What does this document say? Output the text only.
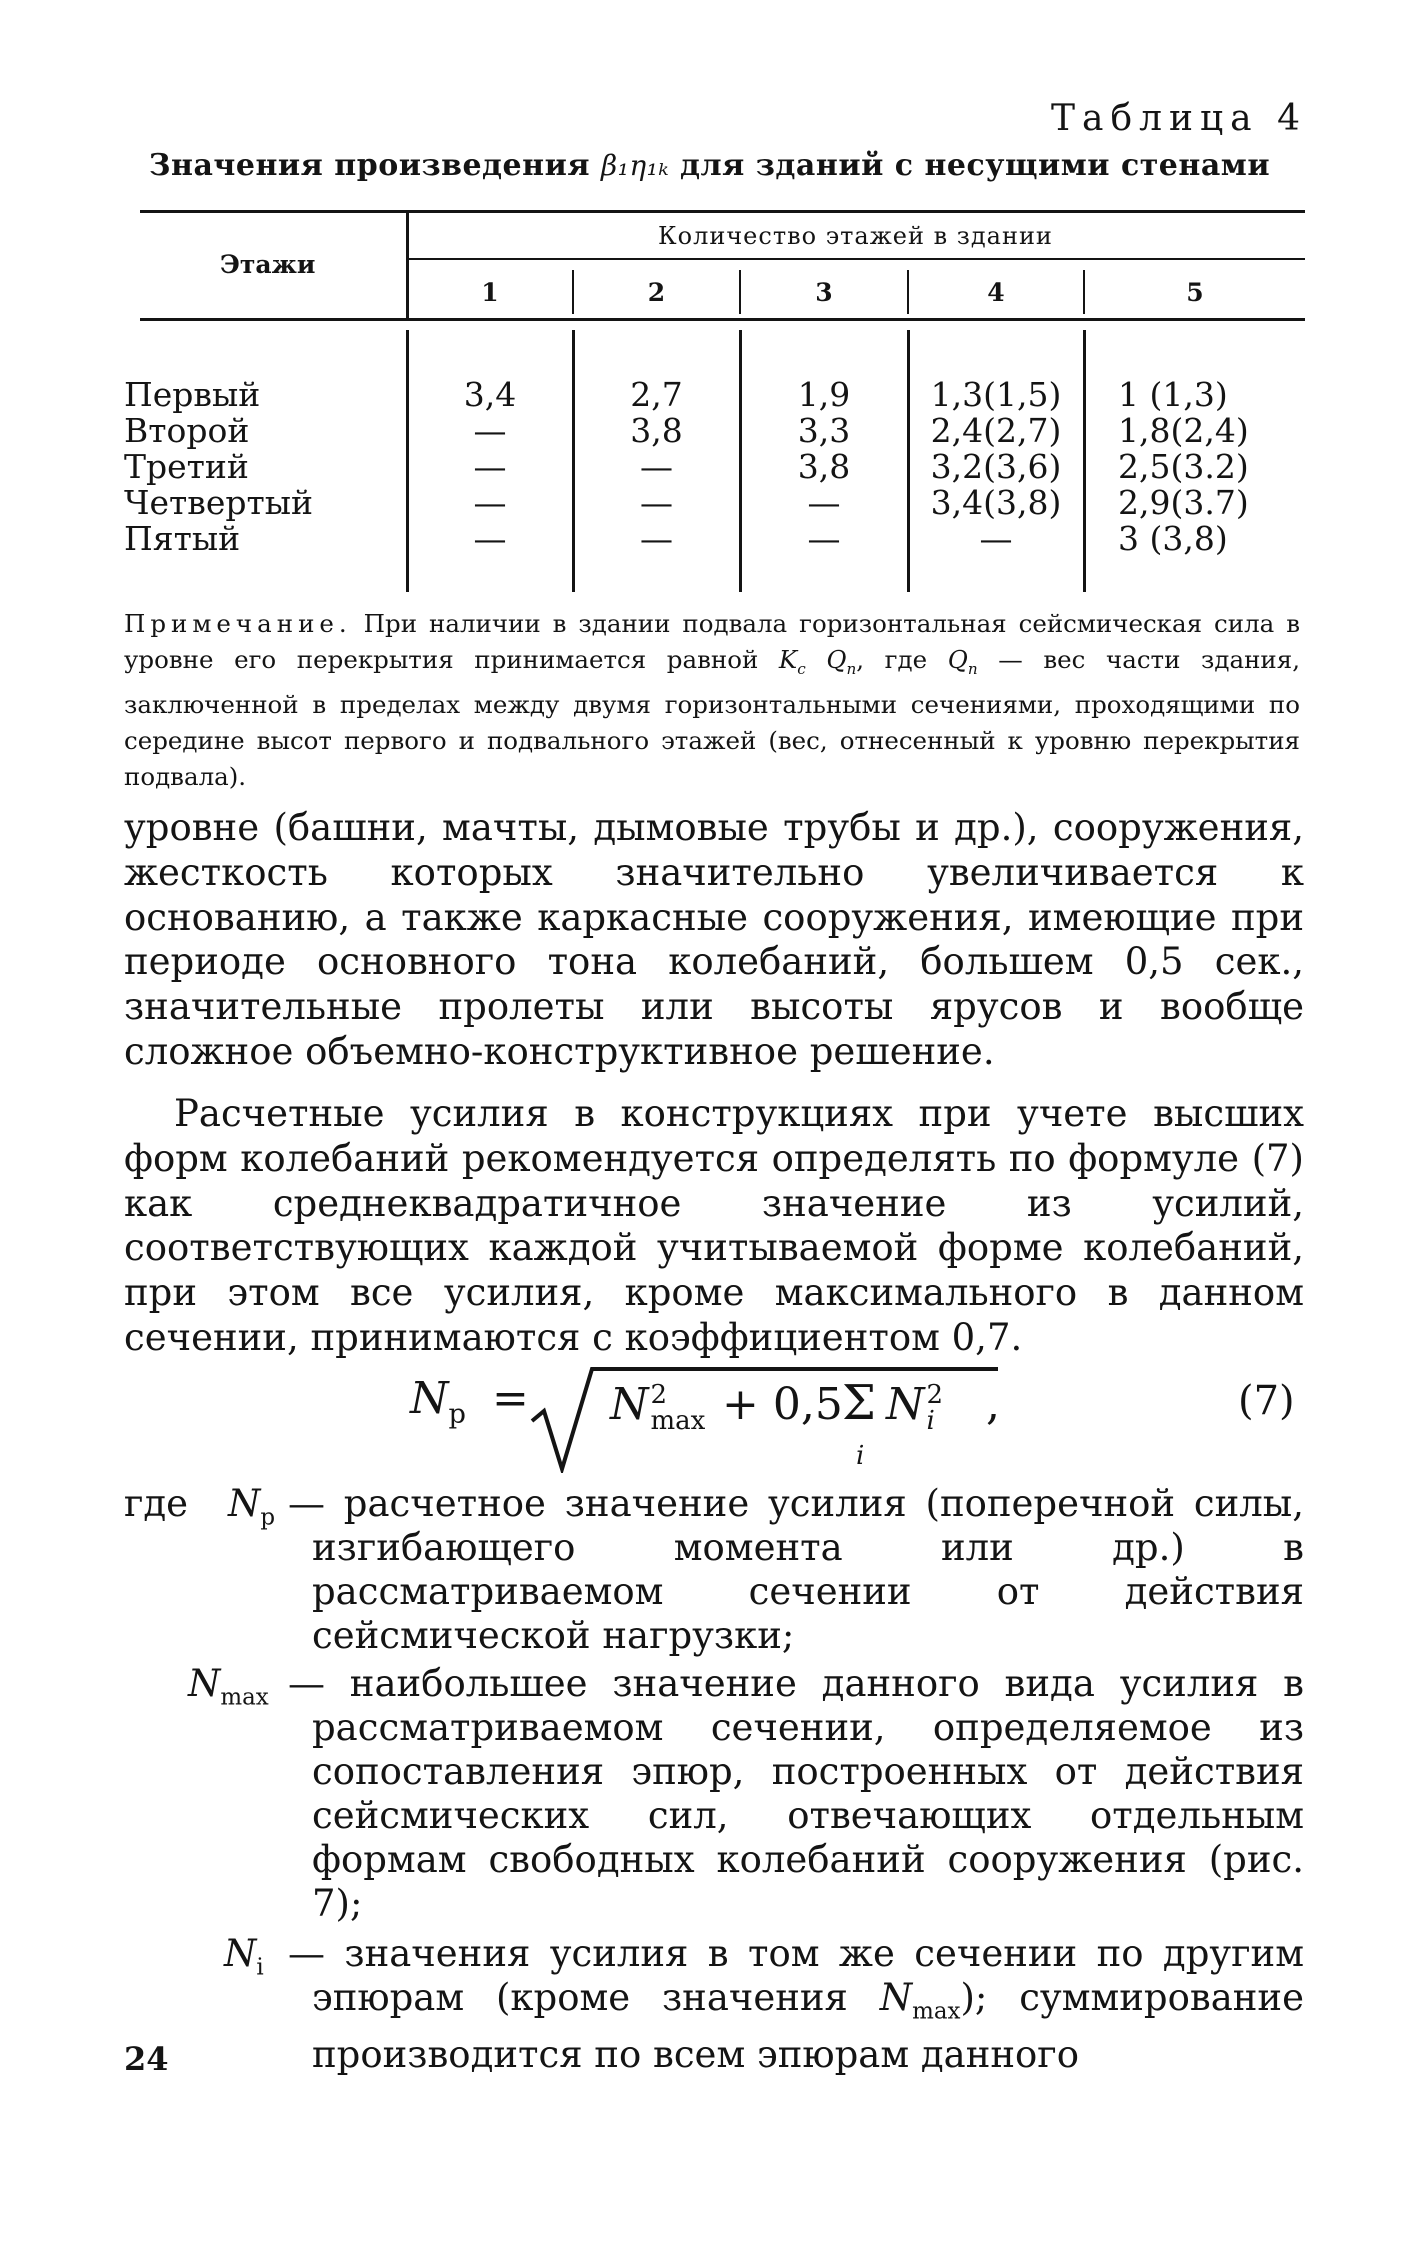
Таблица 4
Значения произведения β₁η₁ₖ для зданий с несущими стенами
Этажи
Количество этажей в здании
1	2	3	4	5
Первый	3,4	2,7	1,9	1,3(1,5)	1 (1,3)
Второй	—	3,8	3,3	2,4(2,7)	1,8(2,4)
Третий	—	—	3,8	3,2(3,6)	2,5(3.2)
Четвертый	—	—	—	3,4(3,8)	2,9(3.7)
Пятый	—	—	—	—	3 (3,8)
Примечание. При наличии в здании подвала горизонтальная сейсмическая сила в уровне его перекрытия принимается равной $K_c$ $Q_п$, где $Q_п$ — вес части здания, заключенной в пределах между двумя горизонтальными сечениями, проходящими по середине высот первого и подвального этажей (вес, отнесенный к уровню перекрытия подвала).

уровне (башни, мачты, дымовые трубы и др.), сооружения, жесткость которых значительно увеличивается к основанию, а также каркасные сооружения, имеющие при периоде основного тона колебаний, большем 0,5 сек., значительные пролеты или высоты ярусов и вообще сложное объемно-конструктивное решение.

Расчетные усилия в конструкциях при учете высших форм колебаний рекомендуется определять по формуле (7) как среднеквадратичное значение из усилий, соответствующих каждой учитываемой форме колебаний, при этом все усилия, кроме максимального в данном сечении, принимаются с коэффициентом 0,7.

$N_р = N$ 2
max + 0,5 Σ
i
N 2
i ,	(7)
где $N_р$ — расчетное значение усилия (поперечной силы, изгибающего момента или др.) в рассматриваемом сечении от действия сейсмической нагрузки;
$N_{max}$ — наибольшее значение данного вида усилия в рассматриваемом сечении, определяемое из сопоставления эпюр, построенных от действия сейсмических сил, отвечающих отдельным формам свободных колебаний сооружения (рис. 7);
$N_i$ — значения усилия в том же сечении по другим эпюрам (кроме значения $N_{max}$); суммирование производится по всем эпюрам данного
24
